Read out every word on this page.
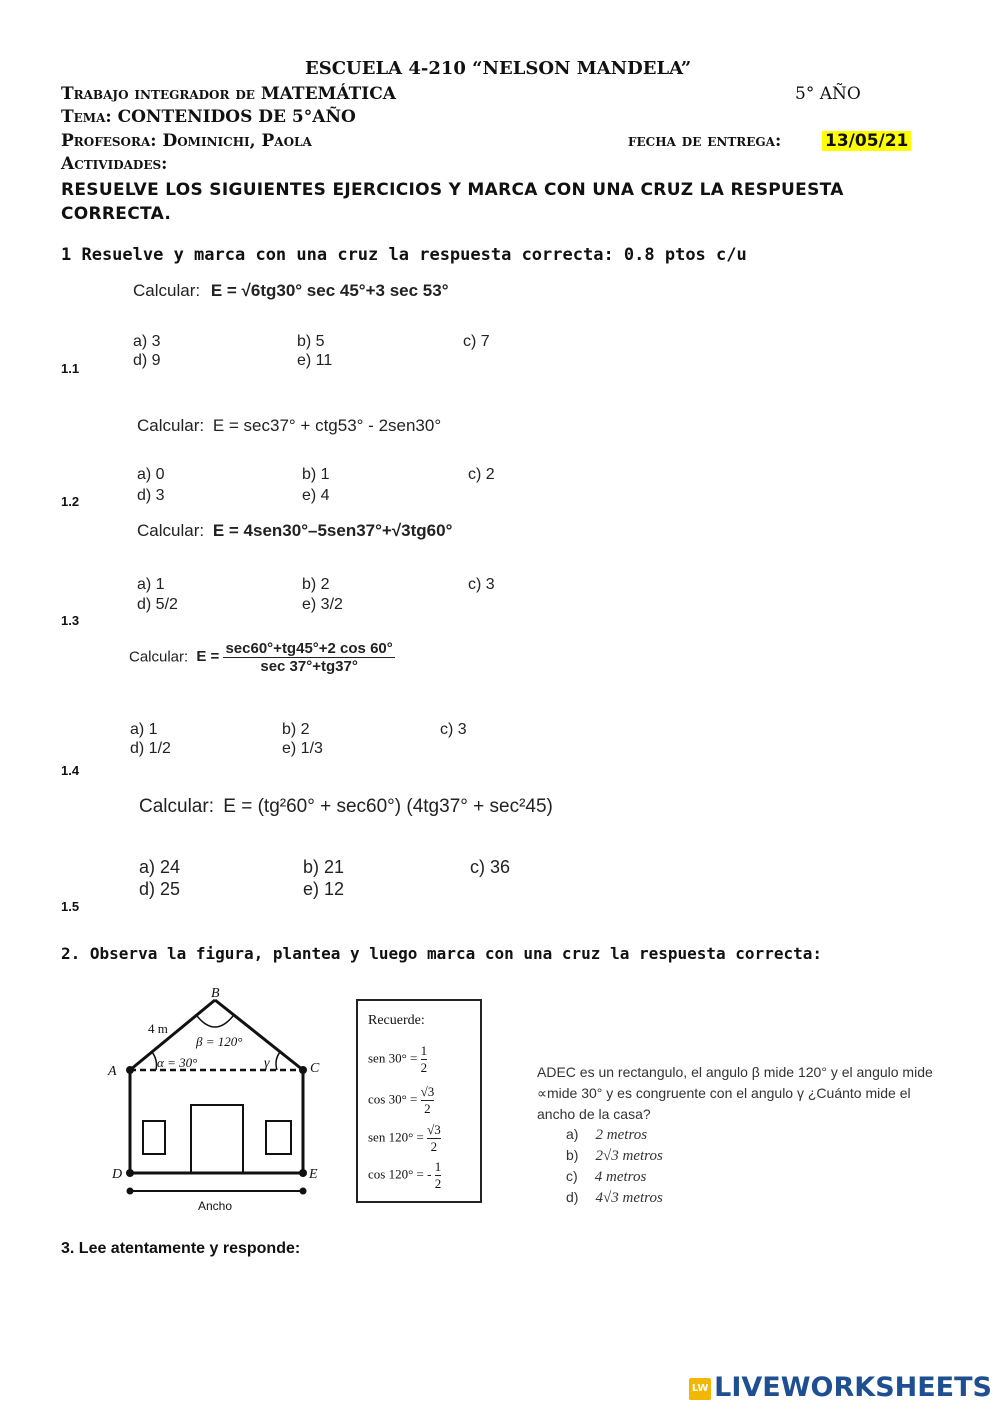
ESCUELA 4-210 “NELSON MANDELA”
Trabajo integrador de MATEMÁTICA	5° AÑO
Tema: CONTENIDOS DE 5°AÑO
Profesora: Dominichi, Paola	fecha de entrega:	13/05/21
Actividades:
RESUELVE LOS SIGUIENTES EJERCICIOS Y MARCA CON UNA CRUZ LA RESPUESTA CORRECTA.
1 Resuelve y marca con una cruz la respuesta correcta: 0.8 ptos c/u
Calcular: E = √6tg30° sec 45°+3 sec 53°
a) 3	b) 5	c) 7
d) 9	e) 11
1.1
Calcular: E = sec37° + ctg53° - 2sen30°
a) 0	b) 1	c) 2
d) 3	e) 4
1.2
Calcular: E = 4sen30°–5sen37°+√3tg60°
a) 1	b) 2	c) 3
d) 5/2	e) 3/2
1.3
Calcular: $E = \frac{\sec 60^\circ+tg45^\circ+2 \cos 60^\circ}{\sec 37^\circ+tg37^\circ}$
a) 1	b) 2	c) 3
d) 1/2	e) 1/3
1.4
Calcular: E = (tg²60° + sec60°) (4tg37° + sec²45)
a) 24	b) 21	c) 36
d) 25	e) 12
1.5
2. Observa la figura, plantea y luego marca con una cruz la respuesta correcta:
B
A	C
D	E
4 m
β = 120°
α = 30°	γ
Ancho
Recuerde:
sen $30^\circ = \frac{1}{2}$
$\cos 30^\circ = \frac{√3}{2}$
sen $120^\circ = \frac{√3}{2}$
cos 120° = - $\frac{1}{2}$
ADEC es un rectangulo, el angulo β mide 120° y el angulo mide ∝mide 30° y es congruente con el angulo γ ¿Cuánto mide el ancho de la casa?
a) 2 metros
b) 2√3 metros
c) 4 metros
d) 4√3 metros
3. Lee atentamente y responde:
LW LIVEWORKSHEETS
